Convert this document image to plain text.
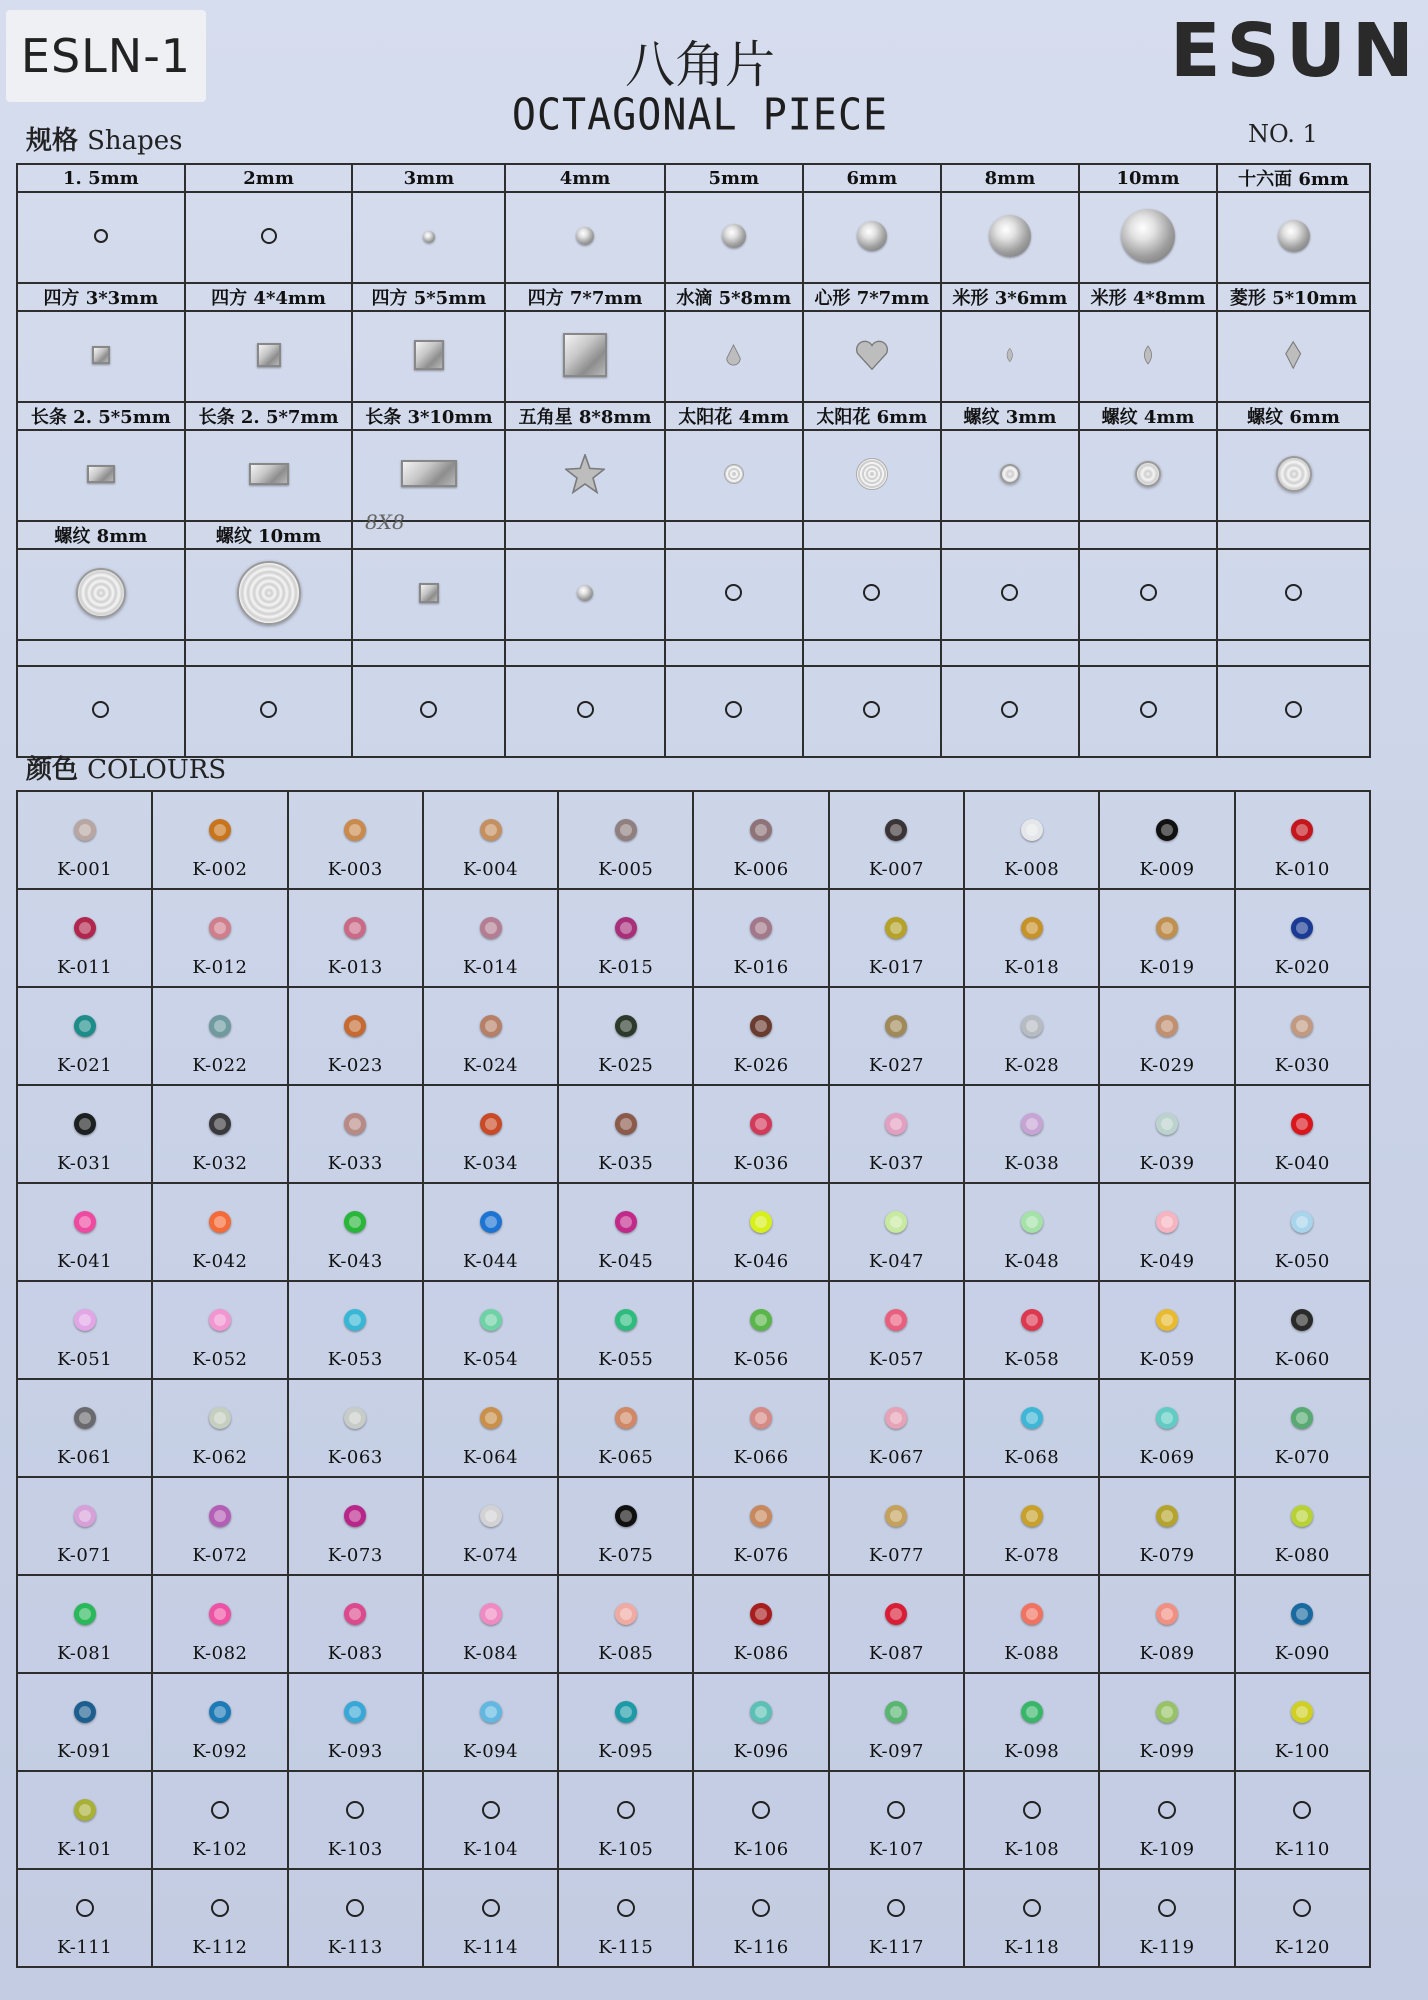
ESLN-1	八角片
OCTAGONAL PIECE
ESUN
NO. 1
规格 Shapes
1. 5mm	2mm	3mm	4mm	5mm	6mm	8mm	10mm	十六面 6mm

四方 3*3mm	四方 4*4mm	四方 5*5mm	四方 7*7mm	水滴 5*8mm	心形 7*7mm	米形 3*6mm	米形 4*8mm	菱形 5*10mm

长条 2. 5*5mm	长条 2. 5*7mm	长条 3*10mm	五角星 8*8mm	太阳花 4mm	太阳花 6mm	螺纹 3mm	螺纹 4mm	螺纹 6mm

螺纹 8mm	螺纹 10mm							

8X8
颜色 COLOURS
K-001	K-002	K-003	K-004	K-005	K-006	K-007	K-008	K-009	K-010

K-011	K-012	K-013	K-014	K-015	K-016	K-017	K-018	K-019	K-020

K-021	K-022	K-023	K-024	K-025	K-026	K-027	K-028	K-029	K-030

K-031	K-032	K-033	K-034	K-035	K-036	K-037	K-038	K-039	K-040

K-041	K-042	K-043	K-044	K-045	K-046	K-047	K-048	K-049	K-050

K-051	K-052	K-053	K-054	K-055	K-056	K-057	K-058	K-059	K-060

K-061	K-062	K-063	K-064	K-065	K-066	K-067	K-068	K-069	K-070

K-071	K-072	K-073	K-074	K-075	K-076	K-077	K-078	K-079	K-080

K-081	K-082	K-083	K-084	K-085	K-086	K-087	K-088	K-089	K-090

K-091	K-092	K-093	K-094	K-095	K-096	K-097	K-098	K-099	K-100

K-101	K-102	K-103	K-104	K-105	K-106	K-107	K-108	K-109	K-110

K-111	K-112	K-113	K-114	K-115	K-116	K-117	K-118	K-119	K-120
